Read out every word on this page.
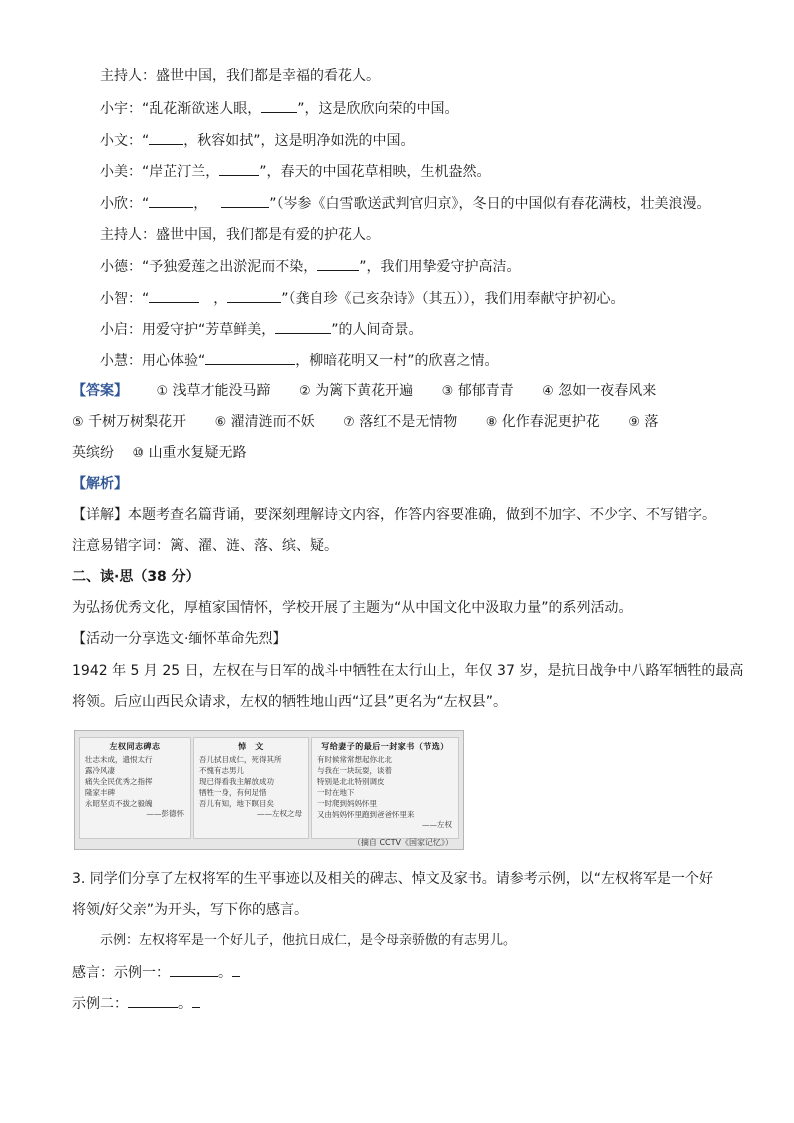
主持人：盛世中国，我们都是幸福的看花人。
小宇：“乱花渐欲迷人眼，	”，这是欣欣向荣的中国。
小文：“ ，秋容如拭”，这是明净如洗的中国。
小美：“岸芷汀兰，	”，春天的中国花草相映，生机盎然。
小欣：“	，	”（岑参《白雪歌送武判官归京》，冬日的中国似有春花满枝，壮美浪漫。
主持人：盛世中国，我们都是有爱的护花人。
小德：“予独爱莲之出淤泥而不染，	”，我们用挚爱守护高洁。
小智：“	，	”（龚自珍《己亥杂诗》（其五）），我们用奉献守护初心。
小启：用爱守护“芳草鲜美，	”的人间奇景。
小慧：用心体验“	，柳暗花明又一村”的欣喜之情。
【答案】 ① 浅草才能没马蹄 ② 为篱下黄花开遍 ③ 郁郁青青 ④ 忽如一夜春风来
⑤ 千树万树梨花开 ⑥ 濯清涟而不妖 ⑦ 落红不是无情物 ⑧ 化作春泥更护花 ⑨ 落
英缤纷 ⑩ 山重水复疑无路
【解析】
【详解】本题考查名篇背诵，要深刻理解诗文内容，作答内容要准确，做到不加字、不少字、不写错字。
注意易错字词：篱、濯、涟、落、缤、疑。
二、读·思（38 分）
为弘扬优秀文化，厚植家国情怀，学校开展了主题为“从中国文化中汲取力量”的系列活动。
【活动一分享选文·缅怀革命先烈】
1942 年 5 月 25 日，左权在与日军的战斗中牺牲在太行山上，年仅 37 岁，是抗日战争中八路军牺牲的最高
将领。后应山西民众请求，左权的牺牲地山西“辽县”更名为“左权县”。
左权同志碑志
壮志未成，遗恨太行
露冷风凄
痛失全民优秀之指挥
隆家丰碑
永昭坚贞不拔之毅魄
——彭德怀
悼　文
吾儿拭目成仁，死得其所
不愧有志男儿
现已得看我主解放成功
牺牲一身，有何足惜
吾儿有知，地下瞑目矣
——左权之母
写给妻子的最后一封家书（节选）
有时候常常想起你北北
与我在一块玩耍，谈着
特别是北北特别调皮
一时在地下
一时爬到妈妈怀里
又由妈妈怀里跑到爸爸怀里来
——左权
（摘自 CCTV《国家记忆》）
3. 同学们分享了左权将军的生平事迹以及相关的碑志、悼文及家书。请参考示例，以“左权将军是一个好
将领/好父亲”为开头，写下你的感言。
示例：左权将军是一个好儿子，他抗日成仁，是令母亲骄傲的有志男儿。
感言：示例一：	。
示例二：	。
